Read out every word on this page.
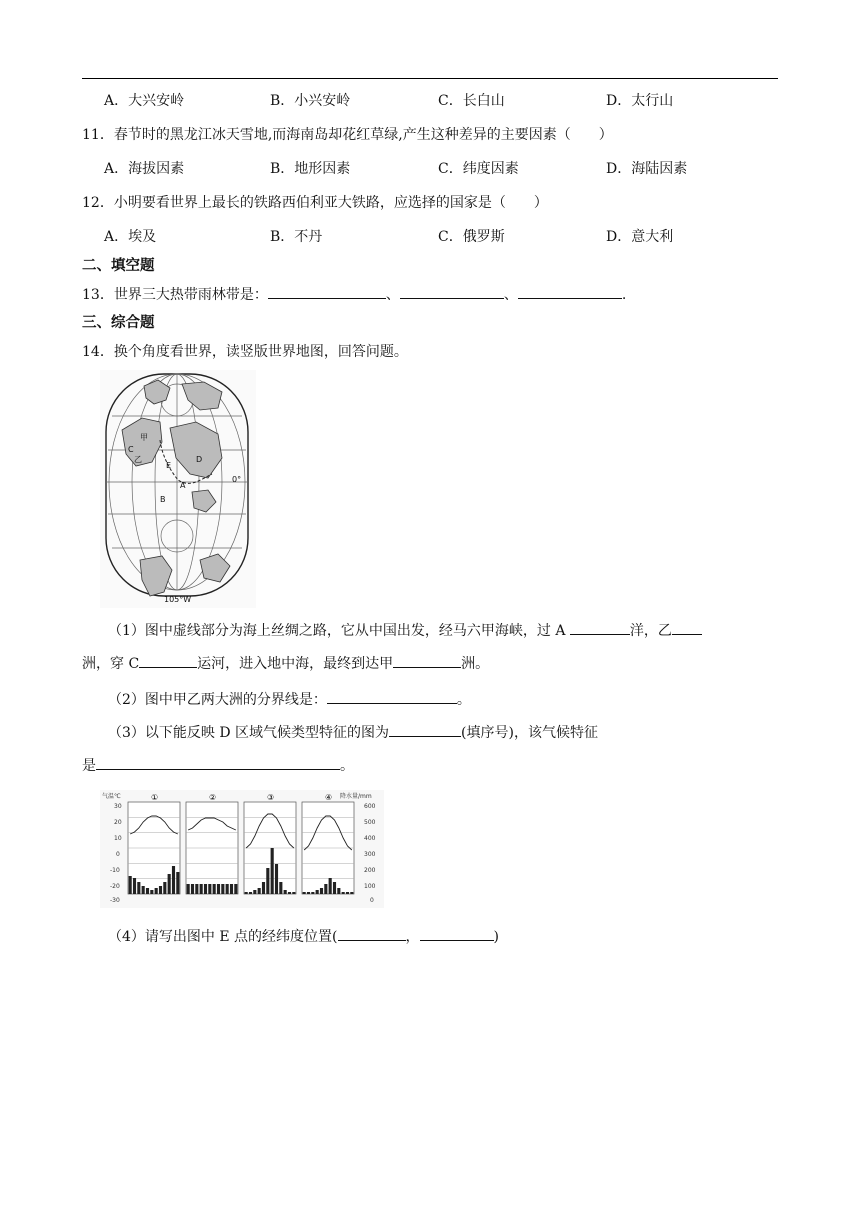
A．大兴安岭	B．小兴安岭	C．长白山	D．太行山
11．春节时的黑龙江冰天雪地,而海南岛却花红草绿,产生这种差异的主要因素（　　）
A．海拔因素	B．地形因素	C．纬度因素	D．海陆因素
12．小明要看世界上最长的铁路西伯利亚大铁路，应选择的国家是（　　）
A．埃及	B．不丹	C．俄罗斯	D．意大利
二、填空题
13．世界三大热带雨林带是：	、	、	.
三、综合题
14．换个角度看世界，读竖版世界地图，回答问题。
甲
C
乙
E
D
A
B
0°
105°W
（1）图中虚线部分为海上丝绸之路，它从中国出发，经马六甲海峡，过 A	洋，乙
洲，穿 C	运河，进入地中海，最终到达甲	洲。
（2）图中甲乙两大洲的分界线是：	。
（3）以下能反映 D 区域气候类型特征的图为	(填序号)，该气候特征
是	。
气温℃	降水量/mm
30
20
10
0
-10
-20
-30
600
500
400
300
200
100
0
①	②	③	④
（4）请写出图中 E 点的经纬度位置(	，	)
